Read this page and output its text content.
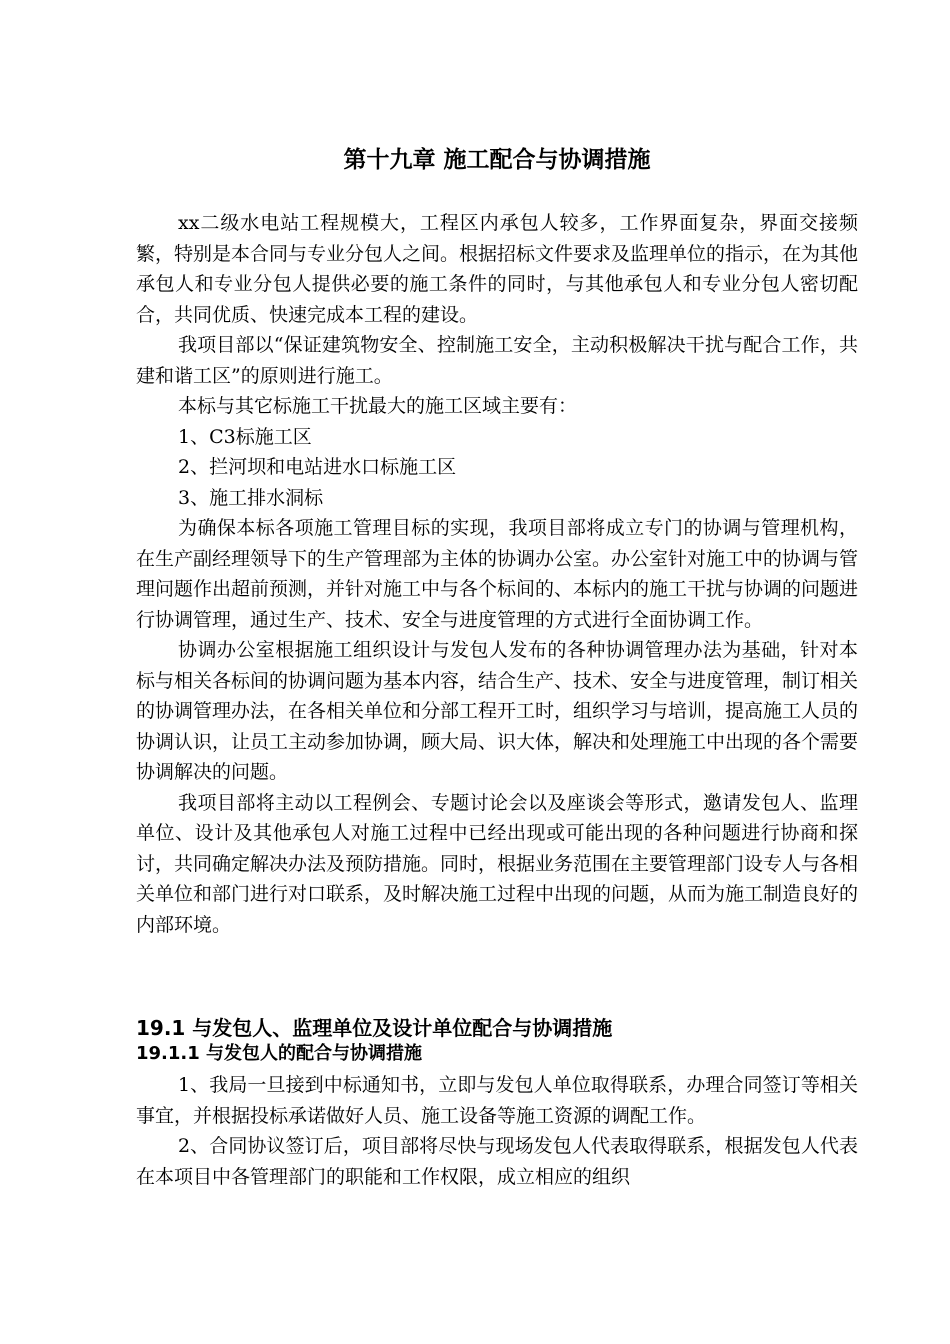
第十九章 施工配合与协调措施

xx二级水电站工程规模大，工程区内承包人较多，工作界面复杂，界面交接频繁，特别是本合同与专业分包人之间。根据招标文件要求及监理单位的指示，在为其他承包人和专业分包人提供必要的施工条件的同时，与其他承包人和专业分包人密切配合，共同优质、快速完成本工程的建设。

我项目部以“保证建筑物安全、控制施工安全，主动积极解决干扰与配合工作，共建和谐工区”的原则进行施工。

本标与其它标施工干扰最大的施工区域主要有：

1、C3标施工区

2、拦河坝和电站进水口标施工区

3、施工排水洞标

为确保本标各项施工管理目标的实现，我项目部将成立专门的协调与管理机构，在生产副经理领导下的生产管理部为主体的协调办公室。办公室针对施工中的协调与管理问题作出超前预测，并针对施工中与各个标间的、本标内的施工干扰与协调的问题进行协调管理，通过生产、技术、安全与进度管理的方式进行全面协调工作。

协调办公室根据施工组织设计与发包人发布的各种协调管理办法为基础，针对本标与相关各标间的协调问题为基本内容，结合生产、技术、安全与进度管理，制订相关的协调管理办法，在各相关单位和分部工程开工时，组织学习与培训，提高施工人员的协调认识，让员工主动参加协调，顾大局、识大体，解决和处理施工中出现的各个需要协调解决的问题。

我项目部将主动以工程例会、专题讨论会以及座谈会等形式，邀请发包人、监理单位、设计及其他承包人对施工过程中已经出现或可能出现的各种问题进行协商和探讨，共同确定解决办法及预防措施。同时，根据业务范围在主要管理部门设专人与各相关单位和部门进行对口联系，及时解决施工过程中出现的问题，从而为施工制造良好的内部环境。

19.1 与发包人、监理单位及设计单位配合与协调措施

19.1.1 与发包人的配合与协调措施

1、我局一旦接到中标通知书，立即与发包人单位取得联系，办理合同签订等相关事宜，并根据投标承诺做好人员、施工设备等施工资源的调配工作。

2、合同协议签订后，项目部将尽快与现场发包人代表取得联系，根据发包人代表在本项目中各管理部门的职能和工作权限，成立相应的组织
